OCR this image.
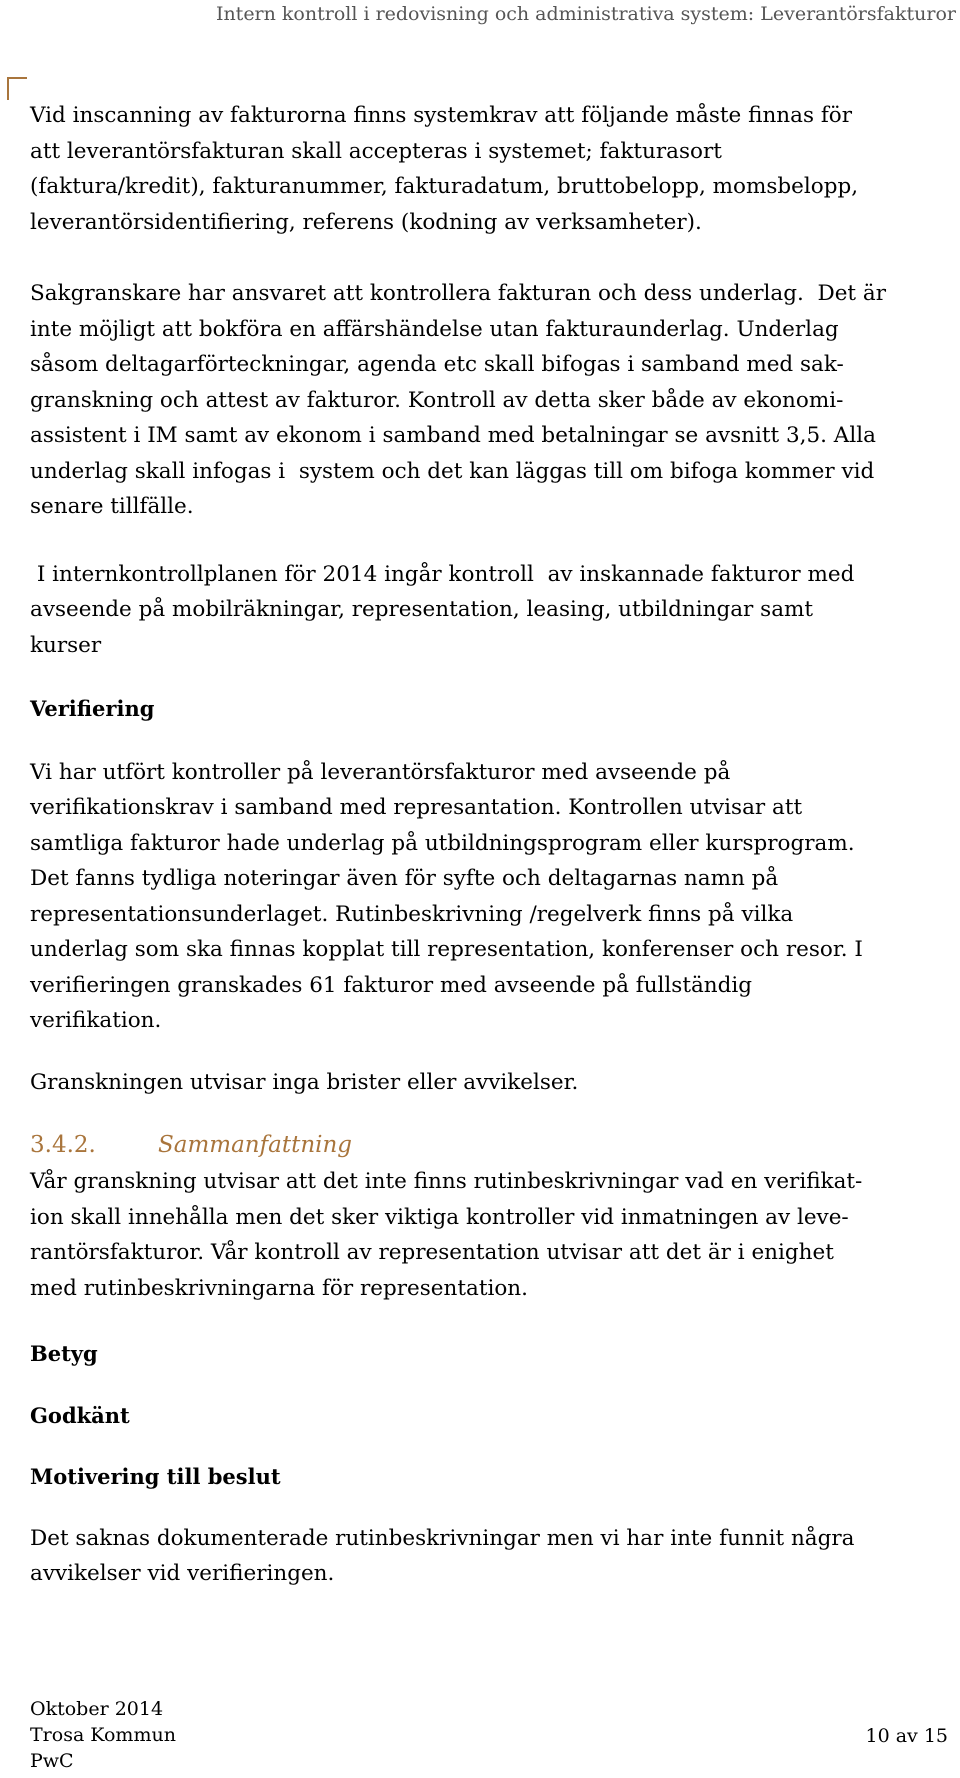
Intern kontroll i redovisning och administrativa system: Leverantörsfakturor

Vid inscanning av fakturorna finns systemkrav att följande måste finnas för
att leverantörsfakturan skall accepteras i systemet; fakturasort
(faktura/kredit), fakturanummer, fakturadatum, bruttobelopp, momsbelopp,
leverantörsidentifiering, referens (kodning av verksamheter).

Sakgranskare har ansvaret att kontrollera fakturan och dess underlag.  Det är
inte möjligt att bokföra en affärshändelse utan fakturaunderlag. Underlag
såsom deltagarförteckningar, agenda etc skall bifogas i samband med sak-
granskning och attest av fakturor. Kontroll av detta sker både av ekonomi-
assistent i IM samt av ekonom i samband med betalningar se avsnitt 3,5. Alla
underlag skall infogas i  system och det kan läggas till om bifoga kommer vid
senare tillfälle.

I internkontrollplanen för 2014 ingår kontroll  av inskannade fakturor med
avseende på mobilräkningar, representation, leasing, utbildningar samt
kurser

Verifiering

Vi har utfört kontroller på leverantörsfakturor med avseende på
verifikationskrav i samband med represantation. Kontrollen utvisar att
samtliga fakturor hade underlag på utbildningsprogram eller kursprogram.
Det fanns tydliga noteringar även för syfte och deltagarnas namn på
representationsunderlaget. Rutinbeskrivning /regelverk finns på vilka
underlag som ska finnas kopplat till representation, konferenser och resor. I
verifieringen granskades 61 fakturor med avseende på fullständig
verifikation.

Granskningen utvisar inga brister eller avvikelser.

3.4.2.	Sammanfattning

Vår granskning utvisar att det inte finns rutinbeskrivningar vad en verifikat-
ion skall innehålla men det sker viktiga kontroller vid inmatningen av leve-
rantörsfakturor. Vår kontroll av representation utvisar att det är i enighet
med rutinbeskrivningarna för representation.

Betyg

Godkänt

Motivering till beslut

Det saknas dokumenterade rutinbeskrivningar men vi har inte funnit några
avvikelser vid verifieringen.

Oktober 2014
Trosa Kommun
PwC
10 av 15
